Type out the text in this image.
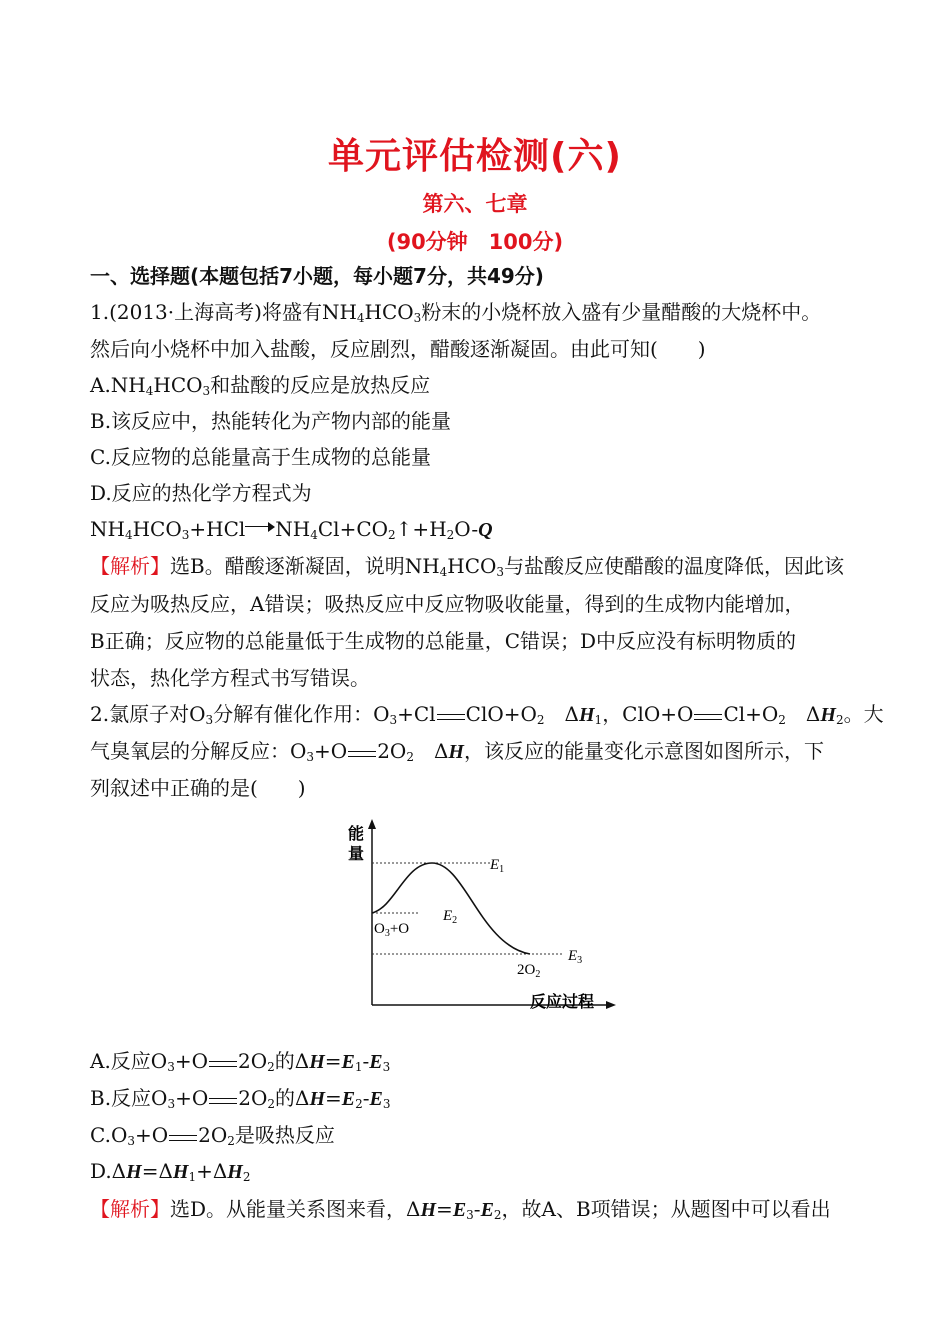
单元评估检测(六)
第六、七章
(90分钟　100分)
一、选择题(本题包括7小题，每小题7分，共49分)
1.(2013·上海高考)将盛有$NH_4HCO_3$粉末的小烧杯放入盛有少量醋酸的大烧杯中。
然后向小烧杯中加入盐酸，反应剧烈，醋酸逐渐凝固。由此可知(　　)
$A.NH_4HCO_3$和盐酸的反应是放热反应
B.该反应中，热能转化为产物内部的能量
C.反应物的总能量高于生成物的总能量
D.反应的热化学方程式为
$NH_4HCO_3+HCl$ $NH_4Cl+CO_2↑+H_2O-Q$
【解析】选B。醋酸逐渐凝固，说明$NH_4HCO_3$与盐酸反应使醋酸的温度降低，因此该
反应为吸热反应，A错误；吸热反应中反应物吸收能量，得到的生成物内能增加，
B正确；反应物的总能量低于生成物的总能量，C错误；D中反应没有标明物质的
状态，热化学方程式书写错误。
2.氯原子对$O_3$分解有催化作用：$O_3+Cl$ $ClO+O_2$　$\Delta H_1$，ClO+O $Cl+O_2$　$\Delta H_2$。大
气臭氧层的分解反应：$O_3+O$ $2O_2$　ΔH，该反应的能量变化示意图如图所示，下
列叙述中正确的是(　　)
能
量
$E_1$
$E_2$
$E_3$
$O_3+O$
$2O_2$
反应过程
A.反应$O_3+O$ $2O_2$的$\Delta H=E_1-E_3$
B.反应$O_3+O$ $2O_2$的$\Delta H=E_2-E_3$
$C.O_3+O$ $2O_2$是吸热反应
$D.\Delta H=\Delta H_1+\Delta H_2$
【解析】选D。从能量关系图来看，$\Delta H=E_3-E_2$，故A、B项错误；从题图中可以看出
